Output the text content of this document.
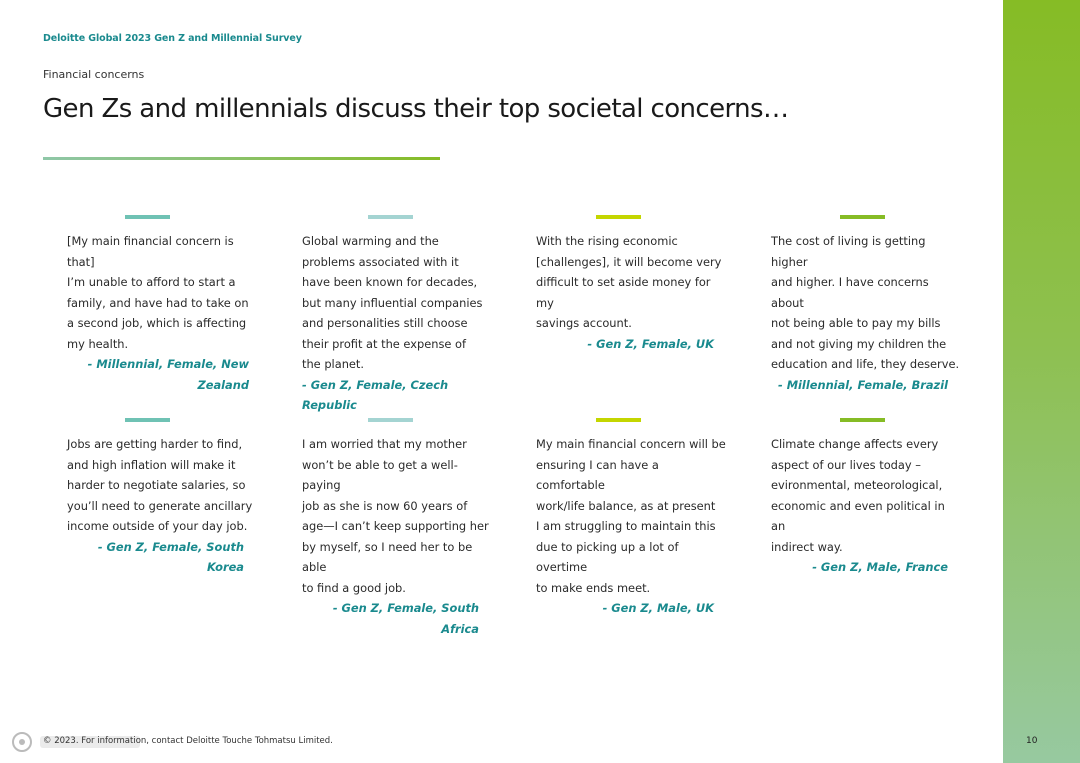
Deloitte Global 2023 Gen Z and Millennial Survey
Financial concerns
Gen Zs and millennials discuss their top societal concerns…

[My main financial concern is that]
I’m unable to afford to start a
family, and have had to take on
a second job, which is affecting
my health.
- Millennial, Female, New Zealand

Global warming and the
problems associated with it
have been known for decades,
but many influential companies
and personalities still choose
their profit at the expense of
the planet.
- Gen Z, Female, Czech Republic

With the rising economic
[challenges], it will become very
difficult to set aside money for my
savings account.
- Gen Z, Female, UK

The cost of living is getting higher
and higher. I have concerns about
not being able to pay my bills
and not giving my children the
education and life, they deserve.
- Millennial, Female, Brazil

Jobs are getting harder to find,
and high inflation will make it
harder to negotiate salaries, so
you’ll need to generate ancillary
income outside of your day job.
- Gen Z, Female, South Korea

I am worried that my mother
won’t be able to get a well-paying
job as she is now 60 years of
age—I can’t keep supporting her
by myself, so I need her to be able
to find a good job.
- Gen Z, Female, South Africa

My main financial concern will be
ensuring I can have a comfortable
work/life balance, as at present
I am struggling to maintain this
due to picking up a lot of overtime
to make ends meet.
- Gen Z, Male, UK

Climate change affects every
aspect of our lives today –
evironmental, meteorological,
economic and even political in an
indirect way.
- Gen Z, Male, France

© 2023. For information, contact Deloitte Touche Tohmatsu Limited.	10
